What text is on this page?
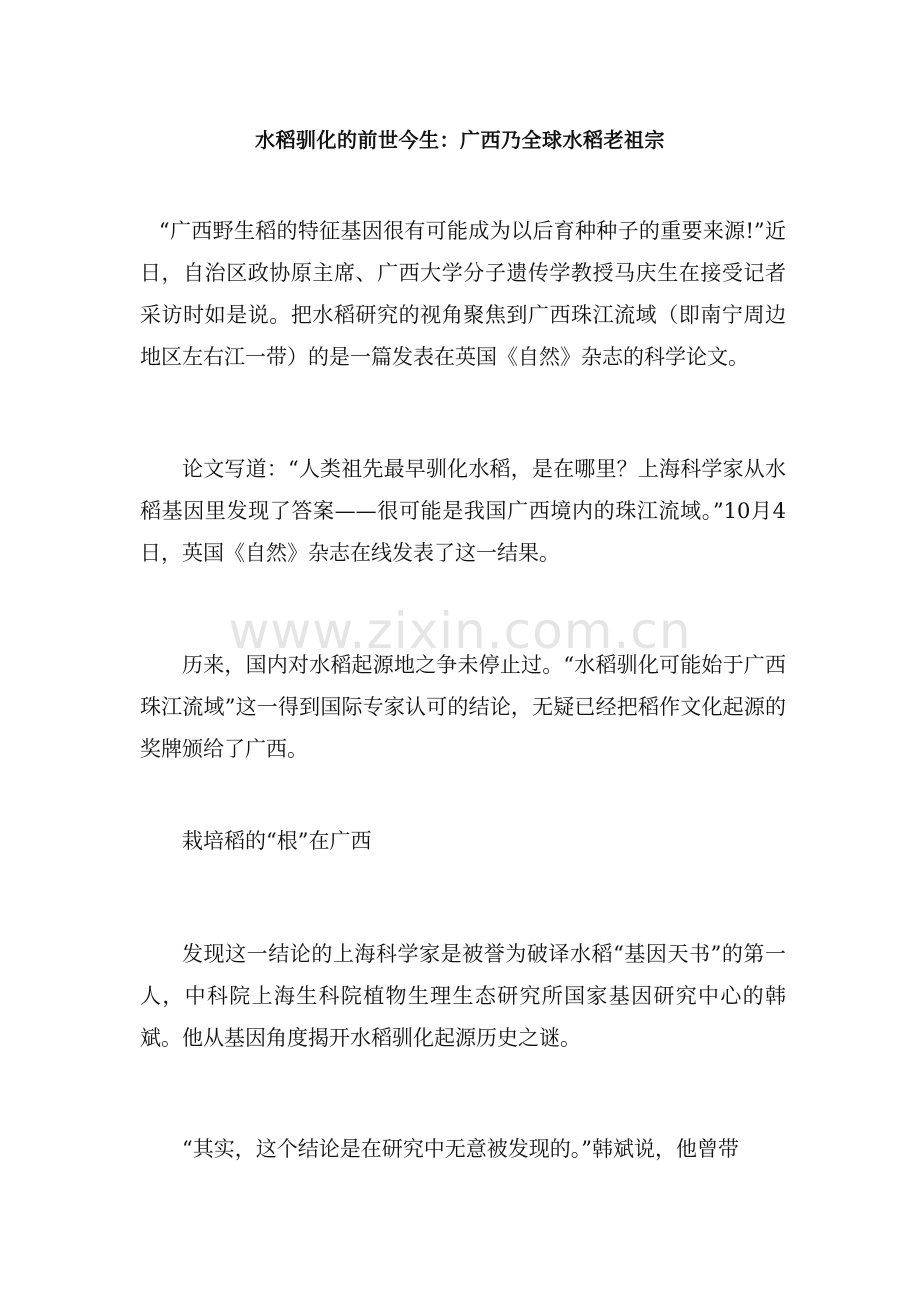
水稻驯化的前世今生：广西乃全球水稻老祖宗
“广西野生稻的特征基因很有可能成为以后育种种子的重要来源!”近日，自治区政协原主席、广西大学分子遗传学教授马庆生在接受记者采访时如是说。把水稻研究的视角聚焦到广西珠江流域（即南宁周边地区左右江一带）的是一篇发表在英国《自然》杂志的科学论文。
论文写道：“人类祖先最早驯化水稻，是在哪里？上海科学家从水稻基因里发现了答案——很可能是我国广西境内的珠江流域。”10月4日，英国《自然》杂志在线发表了这一结果。
历来，国内对水稻起源地之争未停止过。“水稻驯化可能始于广西珠江流域”这一得到国际专家认可的结论，无疑已经把稻作文化起源的奖牌颁给了广西。
栽培稻的“根”在广西
发现这一结论的上海科学家是被誉为破译水稻“基因天书”的第一人，中科院上海生科院植物生理生态研究所国家基因研究中心的韩斌。他从基因角度揭开水稻驯化起源历史之谜。
“其实，这个结论是在研究中无意被发现的。”韩斌说，他曾带
www.zixin.com.cn
